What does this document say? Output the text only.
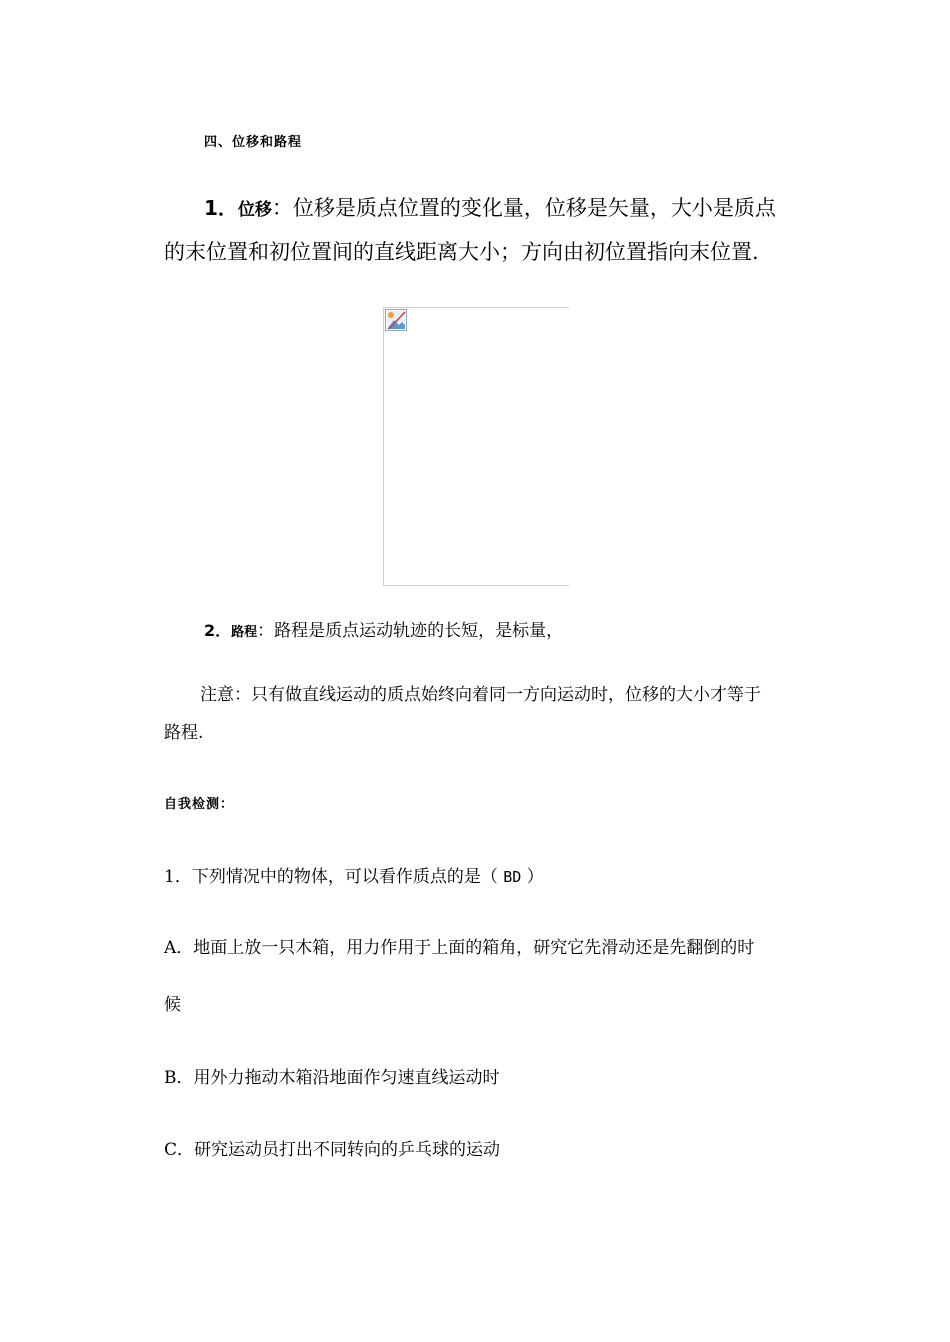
四、位移和路程
1．位移：位移是质点位置的变化量，位移是矢量，大小是质点
的末位置和初位置间的直线距离大小；方向由初位置指向末位置.
2．路程：路程是质点运动轨迹的长短，是标量，
注意：只有做直线运动的质点始终向着同一方向运动时，位移的大小才等于
路程.
自我检测：
1．下列情况中的物体，可以看作质点的是（ BD ）
A．地面上放一只木箱，用力作用于上面的箱角，研究它先滑动还是先翻倒的时
候
B．用外力拖动木箱沿地面作匀速直线运动时
C．研究运动员打出不同转向的乒乓球的运动
